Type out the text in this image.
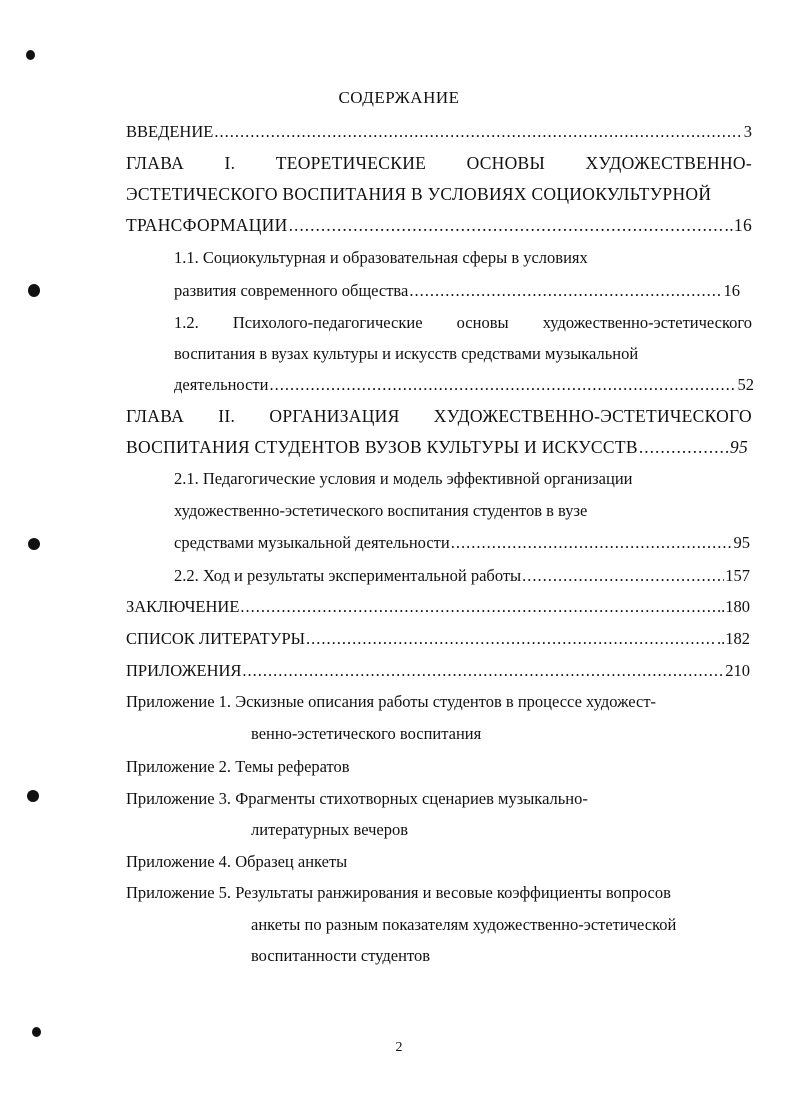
СОДЕРЖАНИЕ
ВВЕДЕНИЕ .....	3
ГЛАВА I. ТЕОРЕТИЧЕСКИЕ ОСНОВЫ ХУДОЖЕСТВЕННО-
ЭСТЕТИЧЕСКОГО ВОСПИТАНИЯ В УСЛОВИЯХ СОЦИОКУЛЬТУРНОЙ
ТРАНСФОРМАЦИИ .....	..16
1.1. Социокультурная и образовательная сферы в условиях
развития современного общества .....	16
1.2. Психолого-педагогические основы художественно-эстетического
воспитания в вузах культуры и искусств средствами музыкальной
деятельности .....	52
ГЛАВА II. ОРГАНИЗАЦИЯ ХУДОЖЕСТВЕННО-ЭСТЕТИЧЕСКОГО
ВОСПИТАНИЯ СТУДЕНТОВ ВУЗОВ КУЛЬТУРЫ И ИСКУССТВ .....	95
2.1. Педагогические условия и модель эффективной организации
художественно-эстетического воспитания студентов в вузе
средствами музыкальной деятельности .....	95
2.2. Ход и результаты экспериментальной работы .....	157
ЗАКЛЮЧЕНИЕ .....	..180
СПИСОК ЛИТЕРАТУРЫ .....	..182
ПРИЛОЖЕНИЯ .....	210
Приложение 1. Эскизные описания работы студентов в процессе художест-
венно-эстетического воспитания
Приложение 2. Темы рефератов
Приложение 3. Фрагменты стихотворных сценариев музыкально-
литературных вечеров
Приложение 4. Образец анкеты
Приложение 5. Результаты ранжирования и весовые коэффициенты вопросов
анкеты по разным показателям художественно-эстетической
воспитанности студентов
2
